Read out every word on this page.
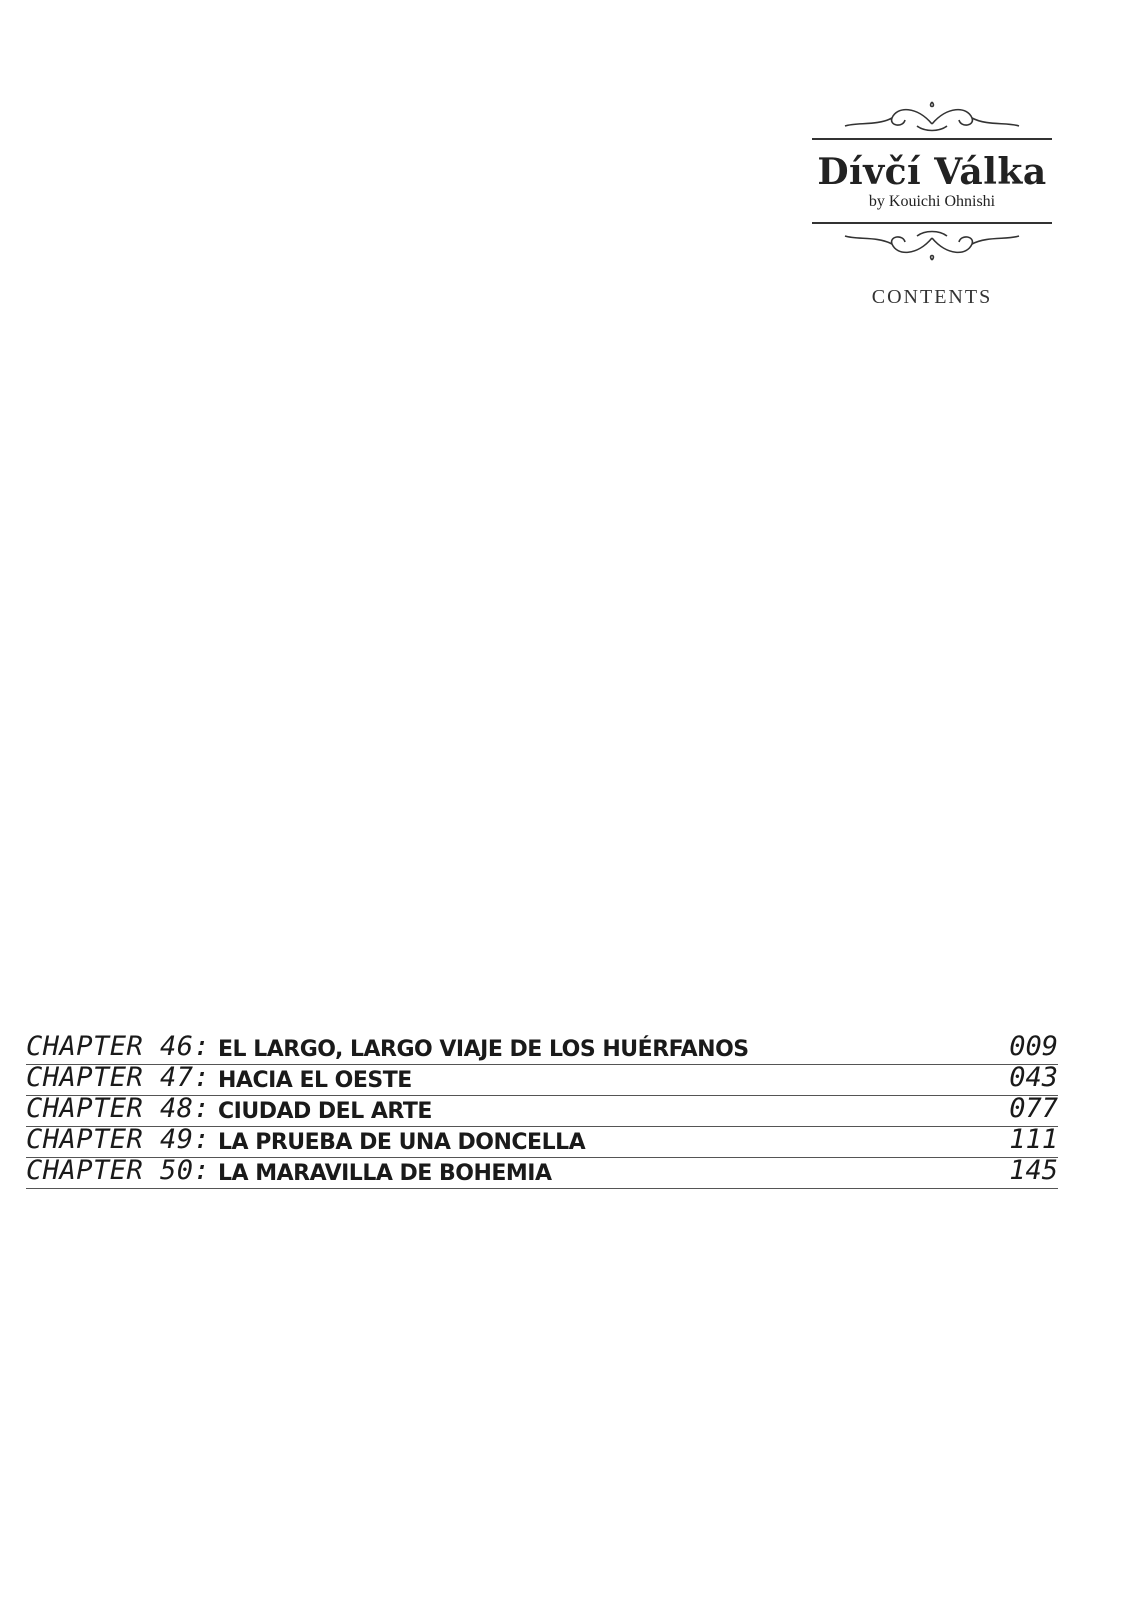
Dívčí Válka
by Kouichi Ohnishi
CONTENTS
CHAPTER 46: EL LARGO, LARGO VIAJE DE LOS HUÉRFANOS	009
CHAPTER 47: HACIA EL OESTE	043
CHAPTER 48: CIUDAD DEL ARTE	077
CHAPTER 49: LA PRUEBA DE UNA DONCELLA	111
CHAPTER 50: LA MARAVILLA DE BOHEMIA	145
